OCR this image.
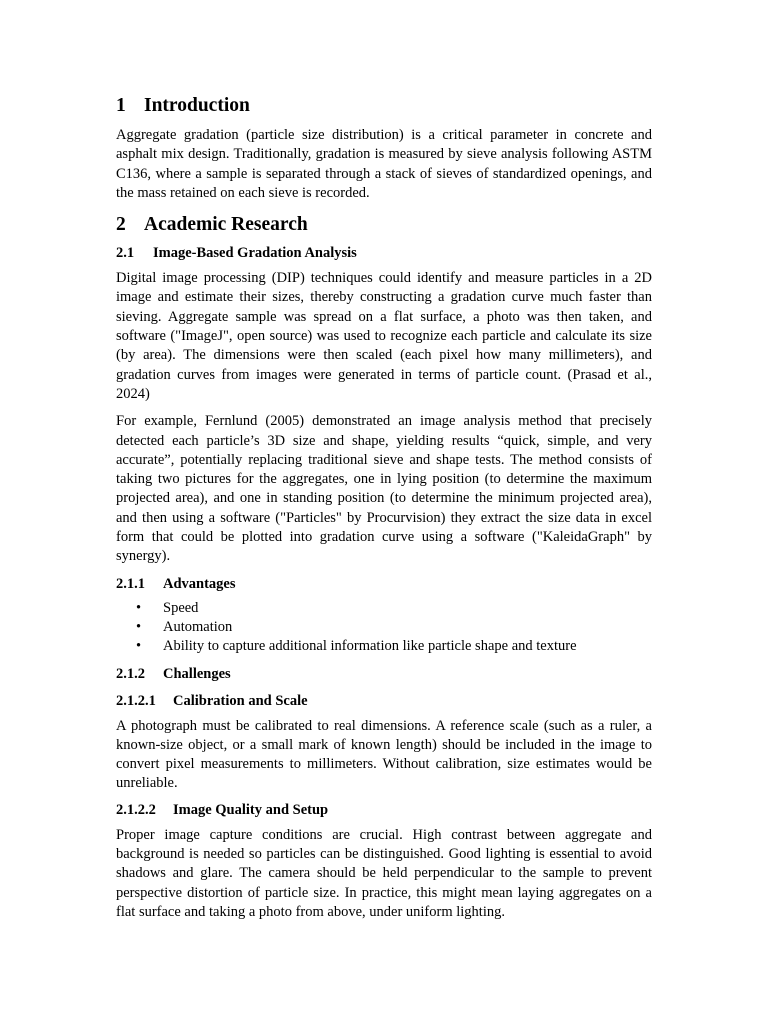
1 Introduction

Aggregate gradation (particle size distribution) is a critical parameter in concrete and asphalt mix design. Traditionally, gradation is measured by sieve analysis following ASTM C136, where a sample is separated through a stack of sieves of standardized openings, and the mass retained on each sieve is recorded.

2 Academic Research
2.1 Image-Based Gradation Analysis

Digital image processing (DIP) techniques could identify and measure particles in a 2D image and estimate their sizes, thereby constructing a gradation curve much faster than sieving. Aggregate sample was spread on a flat surface, a photo was then taken, and software ("ImageJ", open source) was used to recognize each particle and calculate its size (by area). The dimensions were then scaled (each pixel how many millimeters), and gradation curves from images were generated in terms of particle count. (Prasad et al., 2024)

For example, Fernlund (2005) demonstrated an image analysis method that precisely detected each particle’s 3D size and shape, yielding results “quick, simple, and very accurate”, potentially replacing traditional sieve and shape tests. The method consists of taking two pictures for the aggregates, one in lying position (to determine the maximum projected area), and one in standing position (to determine the minimum projected area), and then using a software ("Particles" by Procurvision) they extract the size data in excel form that could be plotted into gradation curve using a software ("KaleidaGraph" by synergy).

2.1.1 Advantages
• Speed
• Automation
• Ability to capture additional information like particle shape and texture
2.1.2 Challenges
2.1.2.1 Calibration and Scale

A photograph must be calibrated to real dimensions. A reference scale (such as a ruler, a known-size object, or a small mark of known length) should be included in the image to convert pixel measurements to millimeters. Without calibration, size estimates would be unreliable.

2.1.2.2 Image Quality and Setup

Proper image capture conditions are crucial. High contrast between aggregate and background is needed so particles can be distinguished. Good lighting is essential to avoid shadows and glare. The camera should be held perpendicular to the sample to prevent perspective distortion of particle size. In practice, this might mean laying aggregates on a flat surface and taking a photo from above, under uniform lighting.
